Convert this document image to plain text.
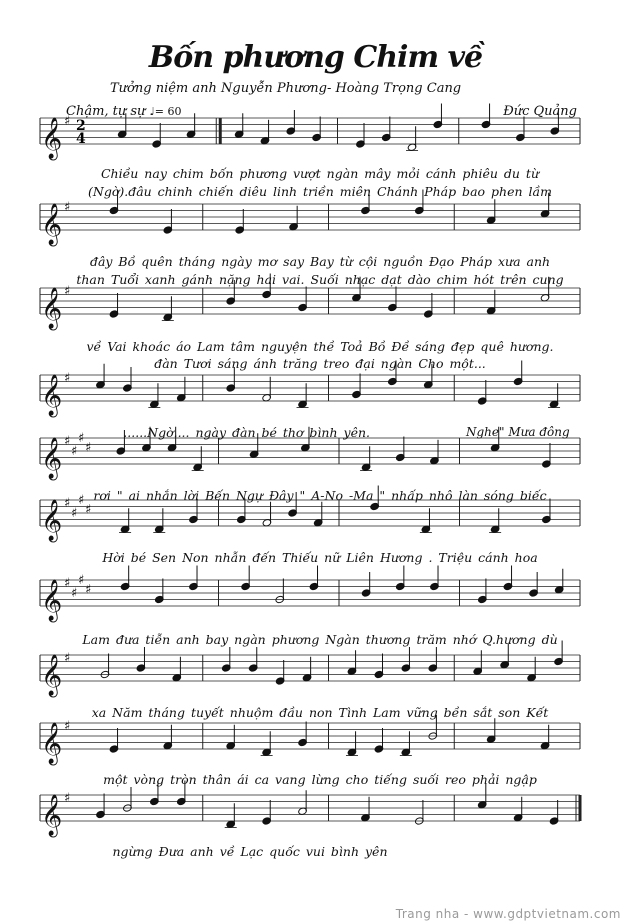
𝄞 ♯ 2
4
𝄞 ♯
𝄞 ♯
𝄞 ♯
𝄞 ♯
♯
♯
♯
𝄞 ♯
♯
♯
♯
𝄞 ♯
♯
♯
♯
𝄞 ♯
𝄞 ♯
𝄞 ♯
Bốn phương Chim về
Tưởng niệm anh Nguyễn Phương- Hoàng Trọng Cang
Chậm, tự sự ♩= 60	Đức Quảng
Chiều nay chim bốn phương vượt ngàn mây mỏi cánh phiêu du từ
(Ngờ).đâu chinh chiến diêu linh triền miên Chánh Pháp bao phen lầm
đây Bồ quên tháng ngày mơ say Bay từ cội nguồn Đạo Pháp xưa anh
than Tuổi xanh gánh nặng hai vai. Suối nhạc dạt dào chim hót trên cung
về Vai khoác áo Lam tâm nguyện thề Toả Bồ Đề sáng đẹp quê hương.
đàn Tươi sáng ánh trăng treo đại ngàn Cho một...
......Ngờ.... ngày đàn bé thơ bình yên.	Nghe" Mưa đông
rơi " ai nhắn lời Bến Ngự Đây " A-No -Ma " nhấp nhô làn sóng biếc
Hời bé Sen Non nhẫn đến Thiếu nữ Liên Hương . Triệu cánh hoa
Lam đưa tiễn anh bay ngàn phương Ngàn thương trăm nhớ Q.hương dù
xa Năm tháng tuyết nhuộm đầu non Tình Lam vững bền sắt son Kết
một vòng tròn thân ái ca vang lừng cho tiếng suối reo phải ngập
ngừng Đưa anh về Lạc quốc vui bình yên
Trang nha - www.gdptvietnam.com
